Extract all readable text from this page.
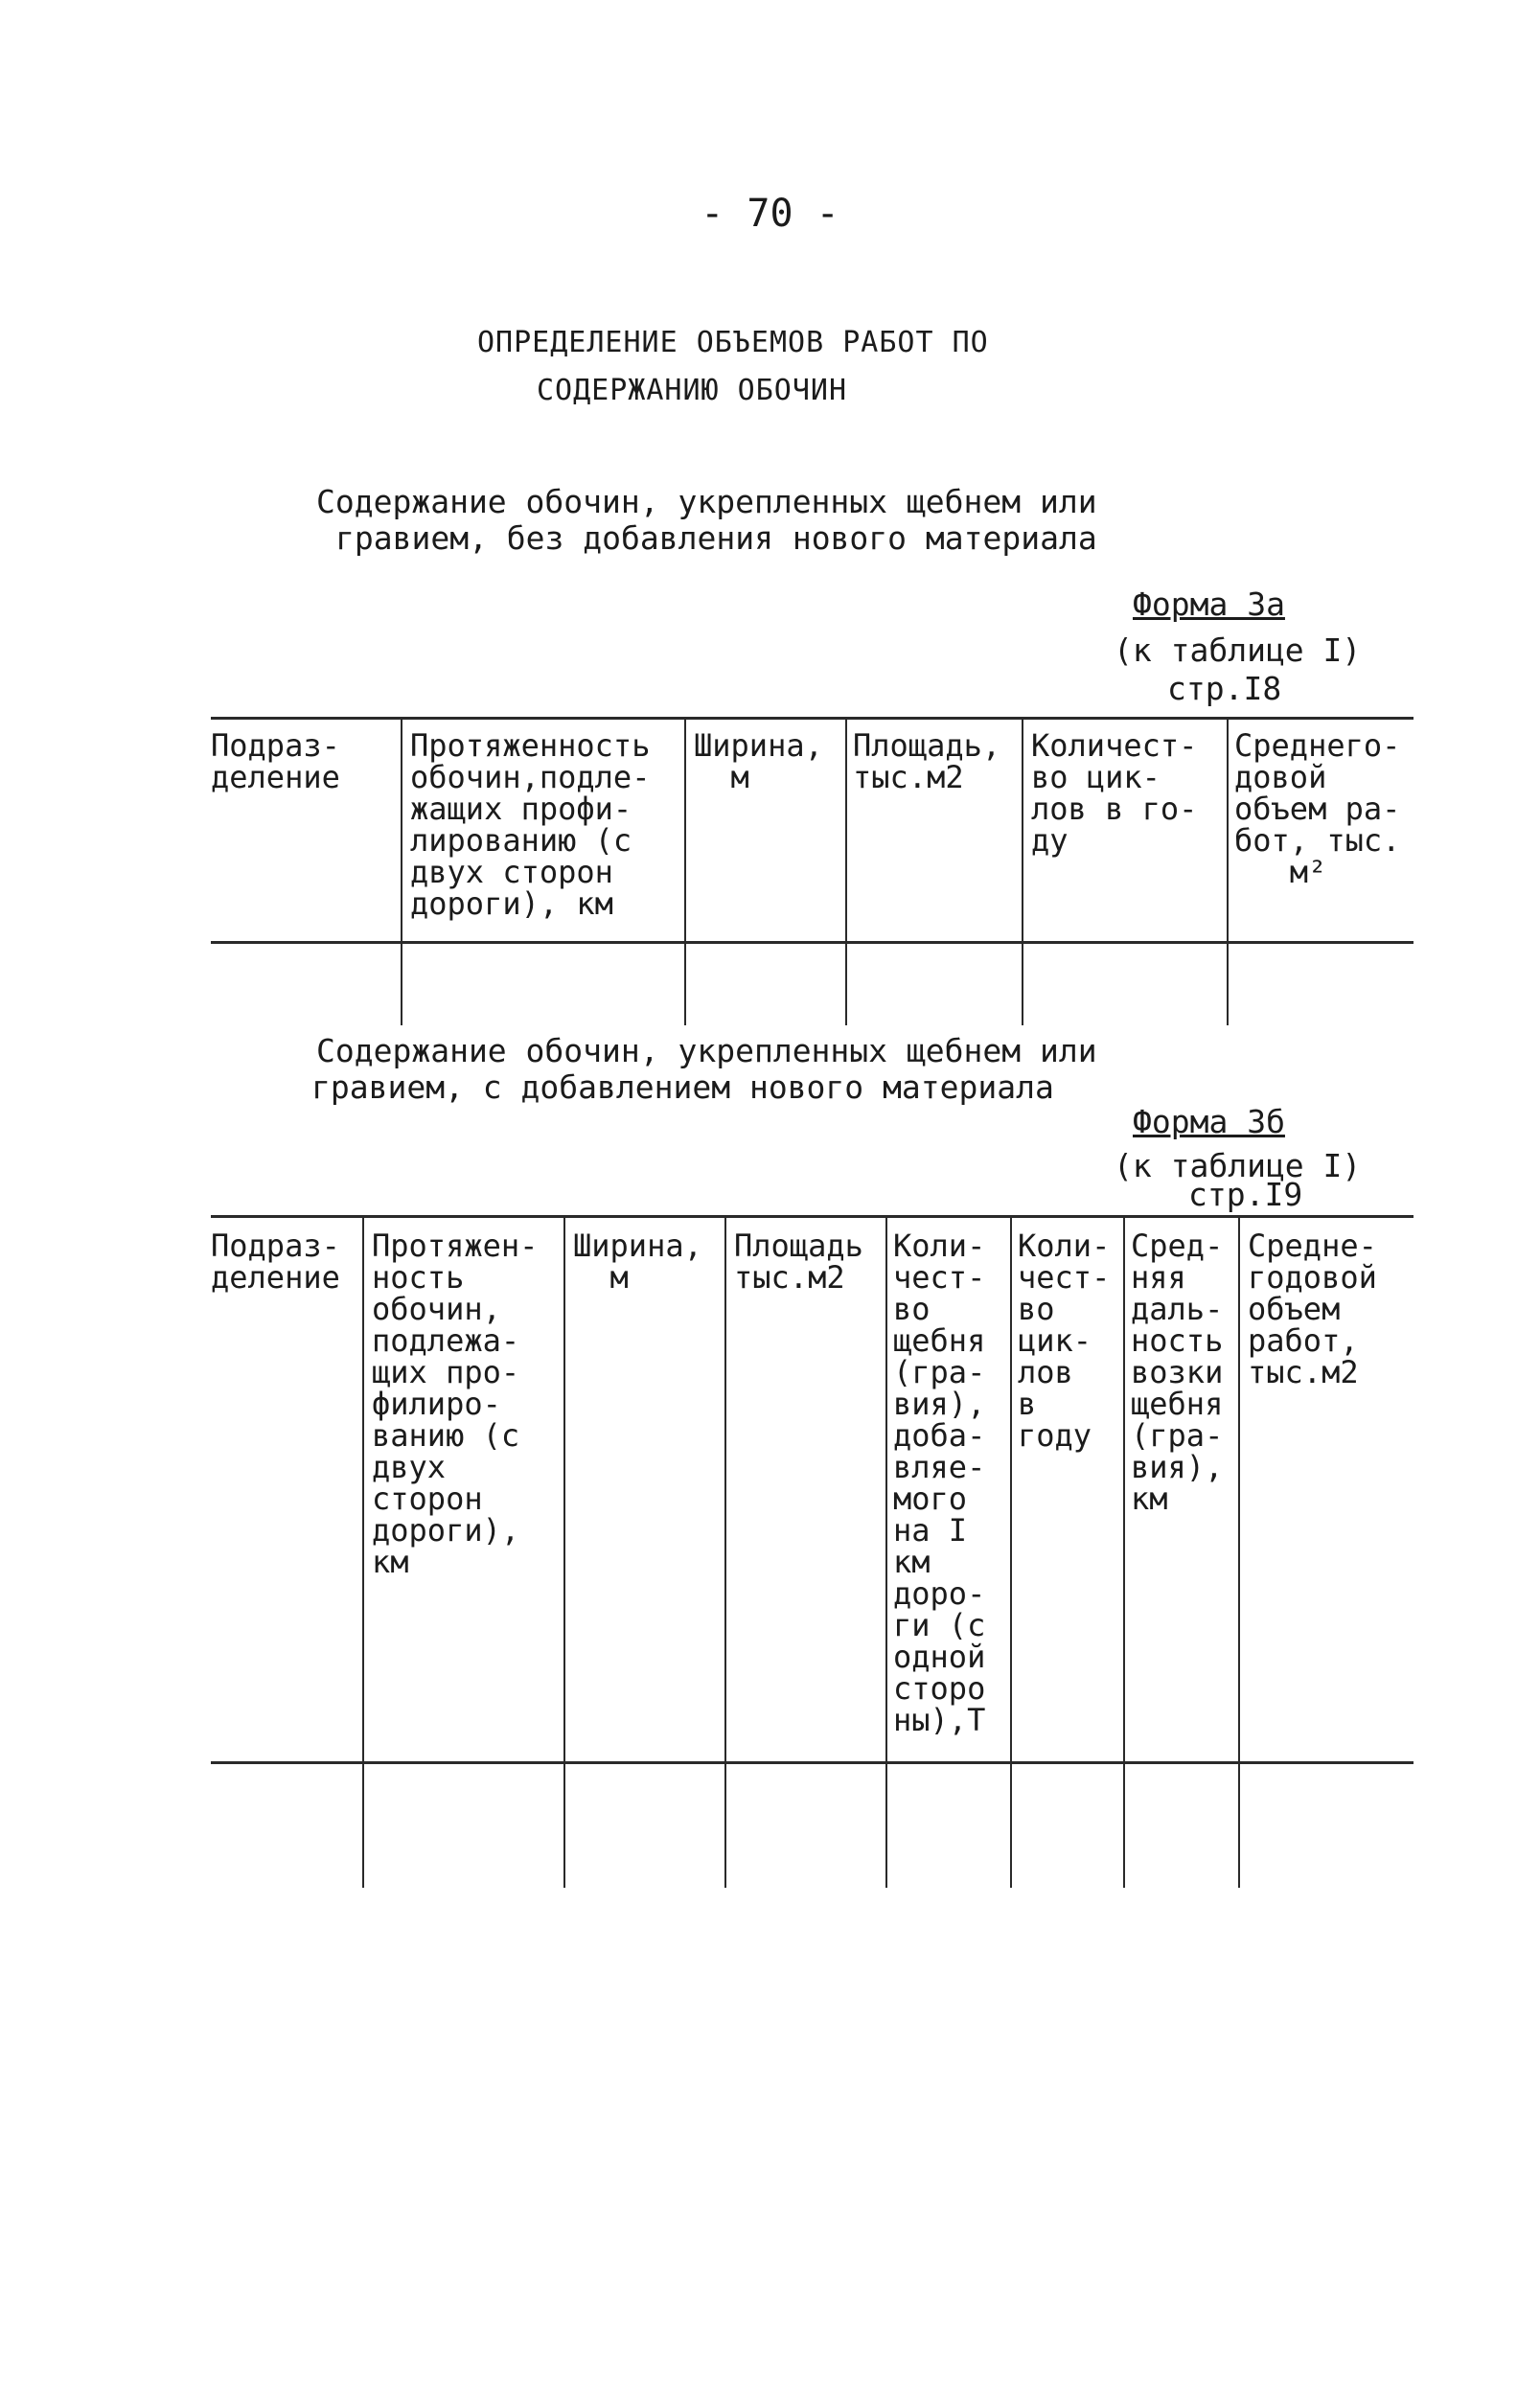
- 70 -
ОПРЕДЕЛЕНИЕ ОБЪЕМОВ РАБОТ ПО
СОДЕРЖАНИЮ ОБОЧИН
Содержание обочин, укрепленных щебнем или
гравием, без добавления нового материала
Форма 3а
(к таблице I)
стр.I8
Подраз-
деление
Протяженность
обочин,подле-
жащих профи-
лированию (с
двух сторон
дороги), км
Ширина,
м
Площадь,
тыс.м2
Количест-
во цик-
лов в го-
ду
Среднего-
довой
объем ра-
бот, тыс.
м²
Содержание обочин, укрепленных щебнем или
гравием, с добавлением нового материала
Форма 3б
(к таблице I)
стр.I9
Подраз-
деление
Протяжен-
ность
обочин,
подлежа-
щих про-
филиро-
ванию (с
двух
сторон
дороги),
км
Ширина,
м
Площадь
тыс.м2
Коли-
чест-
во
щебня
(гра-
вия),
доба-
вляе-
мого
на I
км
доро-
ги (с
одной
сторо
ны),Т
Коли-
чест-
во
цик-
лов
в
году
Сред-
няя
даль-
ность
возки
щебня
(гра-
вия),
км
Средне-
годовой
объем
работ,
тыс.м2
